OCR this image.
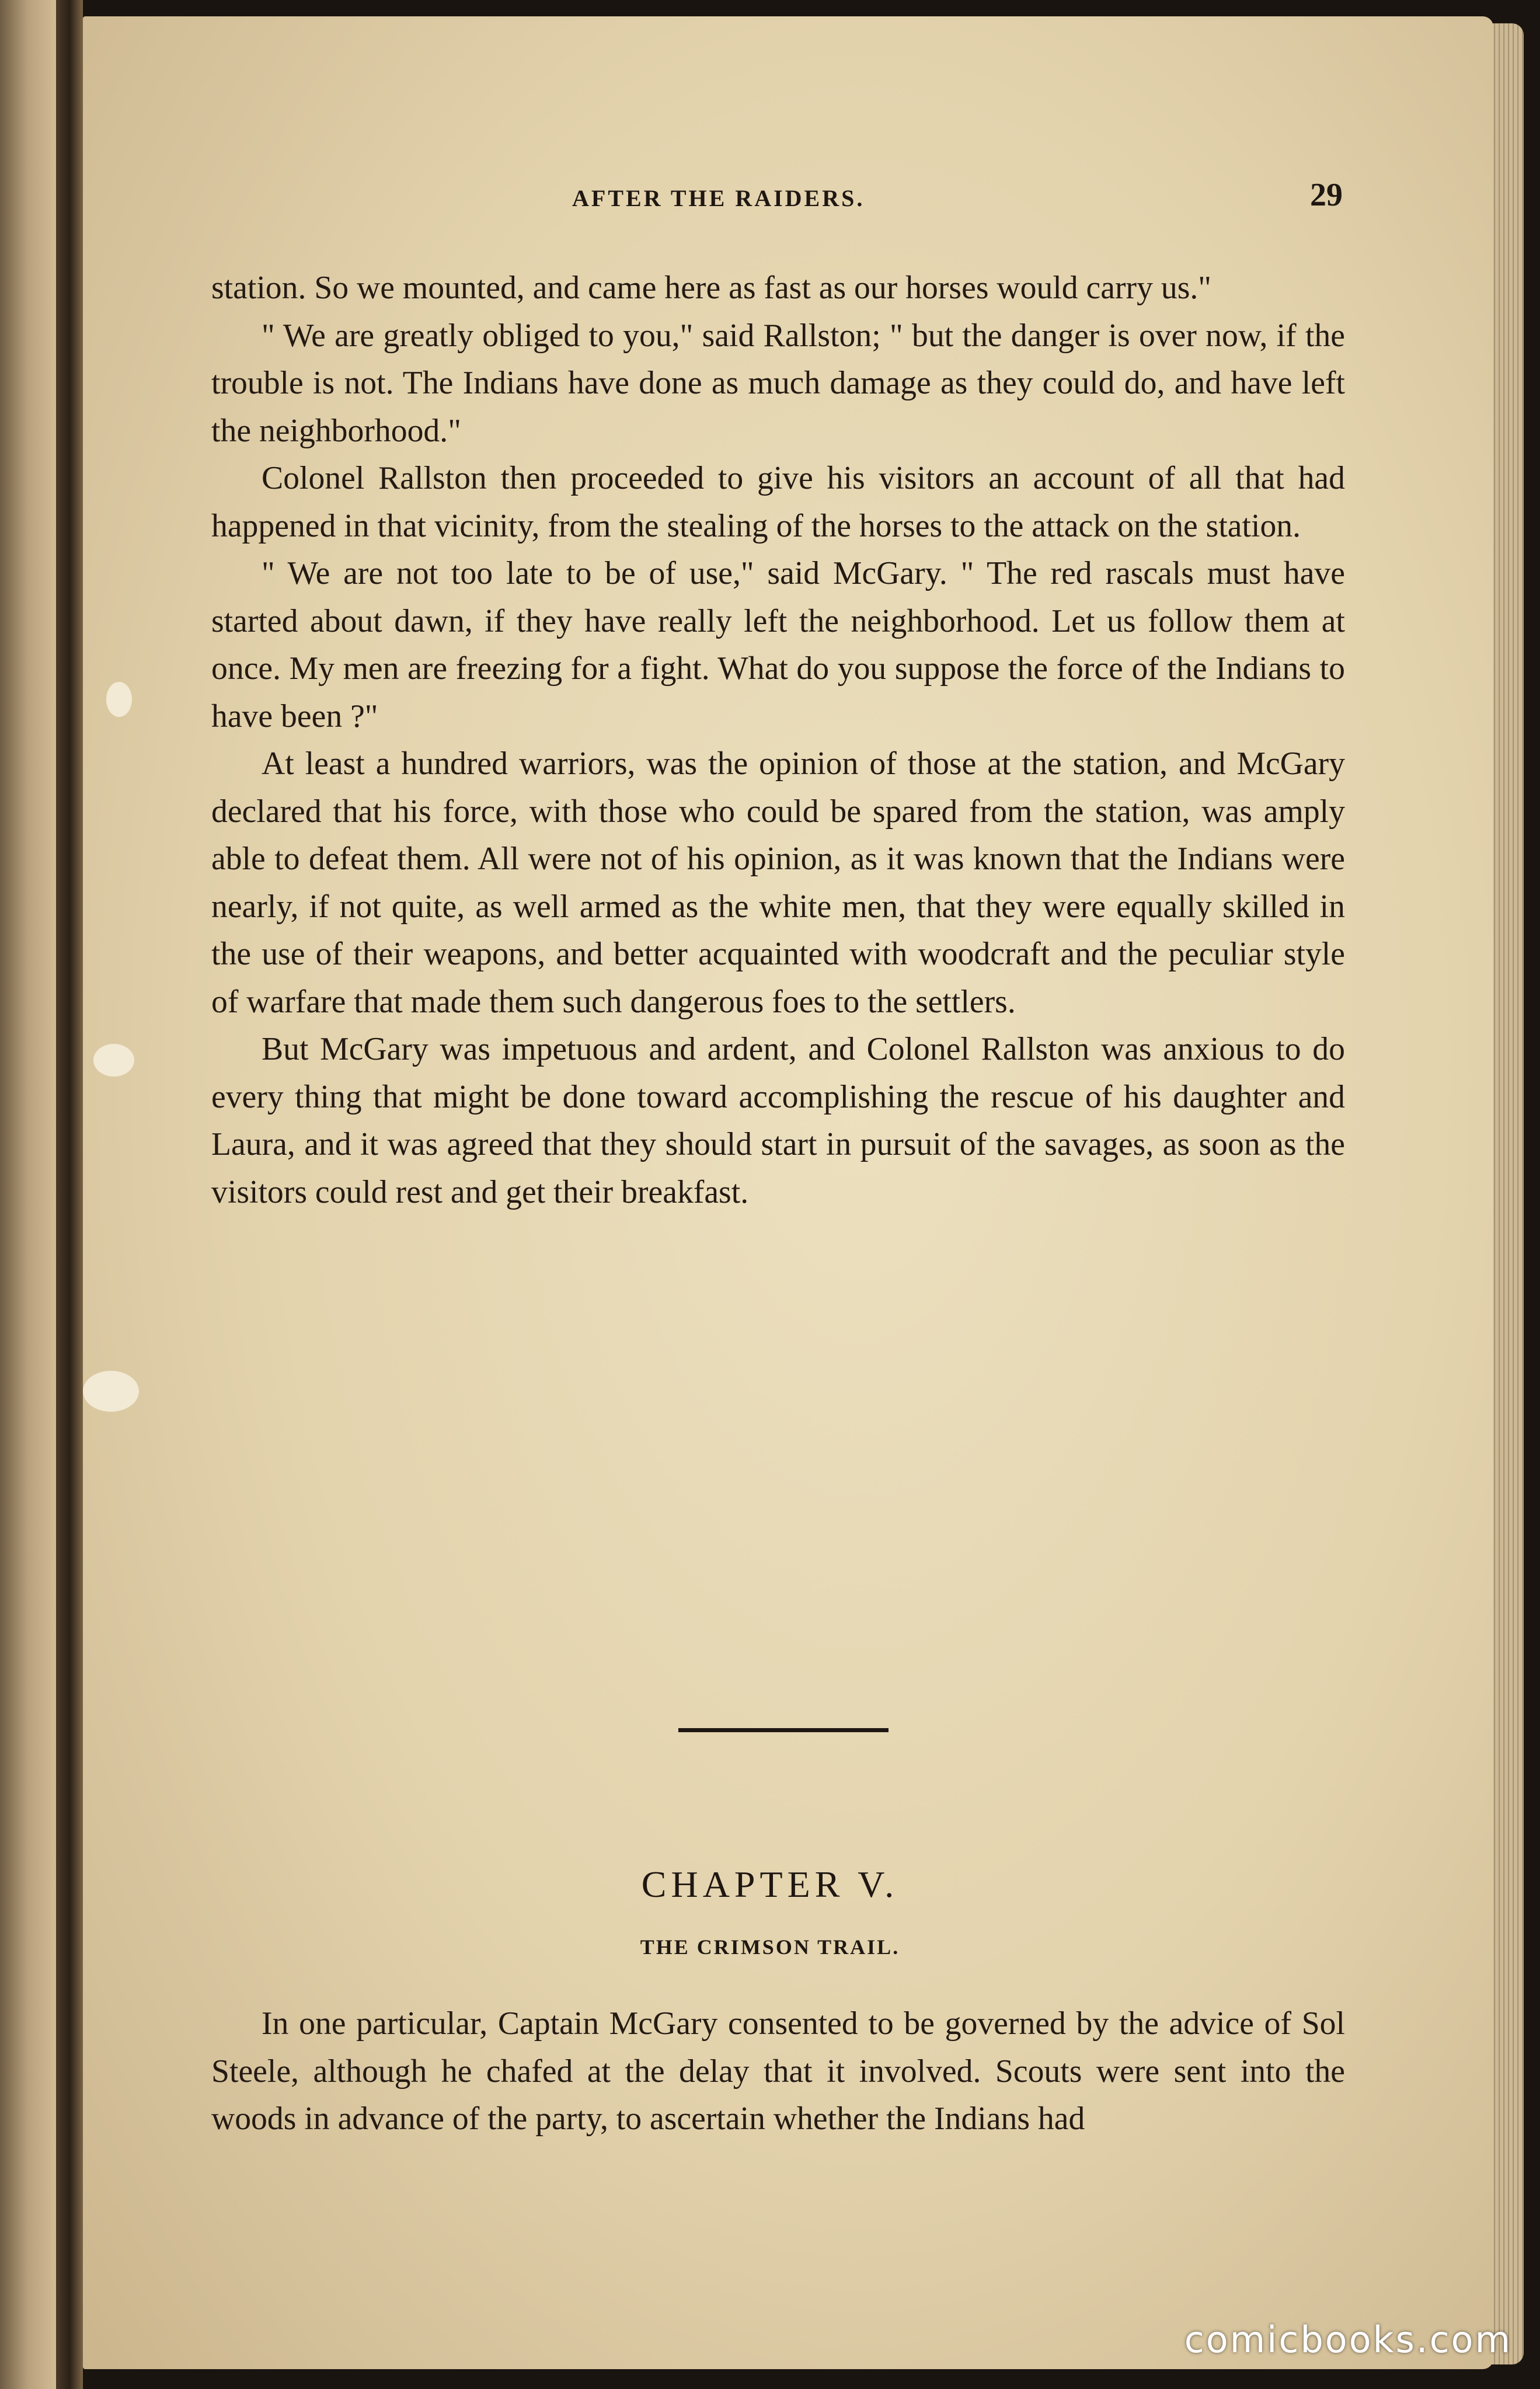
AFTER THE RAIDERS.	29

station. So we mounted, and came here as fast as our horses would carry us."

" We are greatly obliged to you," said Rallston; " but the danger is over now, if the trouble is not. The Indians have done as much damage as they could do, and have left the neighborhood."

Colonel Rallston then proceeded to give his visitors an account of all that had happened in that vicinity, from the stealing of the horses to the attack on the station.

" We are not too late to be of use," said McGary. " The red rascals must have started about dawn, if they have really left the neighborhood. Let us follow them at once. My men are freezing for a fight. What do you suppose the force of the Indians to have been ?"

At least a hundred warriors, was the opinion of those at the station, and McGary declared that his force, with those who could be spared from the station, was amply able to defeat them. All were not of his opinion, as it was known that the Indians were nearly, if not quite, as well armed as the white men, that they were equally skilled in the use of their weapons, and better acquainted with woodcraft and the peculiar style of warfare that made them such dangerous foes to the settlers.

But McGary was impetuous and ardent, and Colonel Rallston was anxious to do every thing that might be done toward accomplishing the rescue of his daughter and Laura, and it was agreed that they should start in pursuit of the savages, as soon as the visitors could rest and get their breakfast.

CHAPTER V.
THE CRIMSON TRAIL.

In one particular, Captain McGary consented to be governed by the advice of Sol Steele, although he chafed at the delay that it involved. Scouts were sent into the woods in advance of the party, to ascertain whether the Indians had

comicbooks.com
